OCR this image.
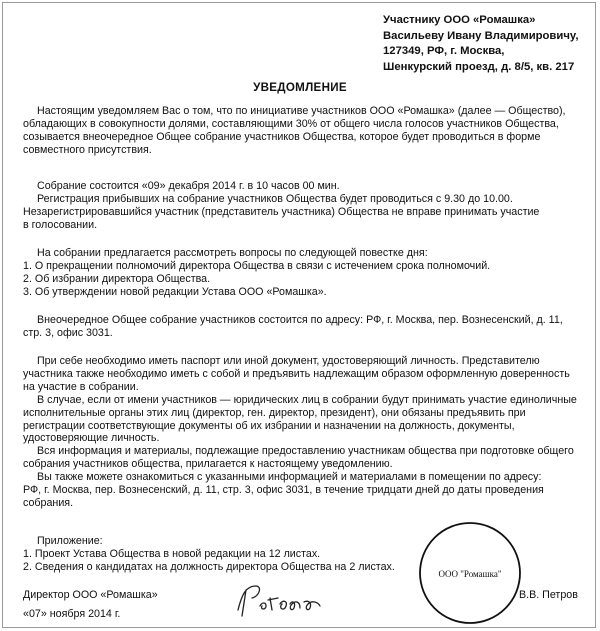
Участнику ООО «Ромашка»
Васильеву Ивану Владимировичу,
127349, РФ, г. Москва,
Шенкурский проезд, д. 8/5, кв. 217
УВЕДОМЛЕНИЕ
Настоящим уведомляем Вас о том, что по инициативе участников ООО «Ромашка» (далее — Общество),
обладающих в совокупности долями, составляющими 30% от общего числа голосов участников Общества,
созывается внеочередное Общее собрание участников Общества, которое будет проводиться в форме
совместного присутствия.
Собрание состоится «09» декабря 2014 г. в 10 часов 00 мин.
Регистрация прибывших на собрание участников Общества будет проводиться с 9.30 до 10.00.
Незарегистрировавшийся участник (представитель участника) Общества не вправе принимать участие
в голосовании.
На собрании предлагается рассмотреть вопросы по следующей повестке дня:
1. О прекращении полномочий директора Общества в связи с истечением срока полномочий.
2. Об избрании директора Общества.
3. Об утверждении новой редакции Устава ООО «Ромашка».
Внеочередное Общее собрание участников состоится по адресу: РФ, г. Москва, пер. Вознесенский, д. 11,
стр. 3, офис 3031.
При себе необходимо иметь паспорт или иной документ, удостоверяющий личность. Представителю
участника также необходимо иметь с собой и предъявить надлежащим образом оформленную доверенность
на участие в собрании.
В случае, если от имени участников — юридических лиц в собрании будут принимать участие единоличные
исполнительные органы этих лиц (директор, ген. директор, президент), они обязаны предъявить при
регистрации соответствующие документы об их избрании и назначении на должность, документы,
удостоверяющие личность.
Вся информация и материалы, подлежащие предоставлению участникам общества при подготовке общего
собрания участников общества, прилагается к настоящему уведомлению.
Вы также можете ознакомиться с указанными информацией и материалами в помещении по адресу:
РФ, г. Москва, пер. Вознесенский, д. 11, стр. 3, офис 3031, в течение тридцати дней до даты проведения
собрания.
Приложение:
1. Проект Устава Общества в новой редакции на 12 листах.
2. Сведения о кандидатах на должность директора Общества на 2 листах.
Директор ООО «Ромашка»
«07» ноября 2014 г.
В.В. Петров
ООО "Ромашка"
